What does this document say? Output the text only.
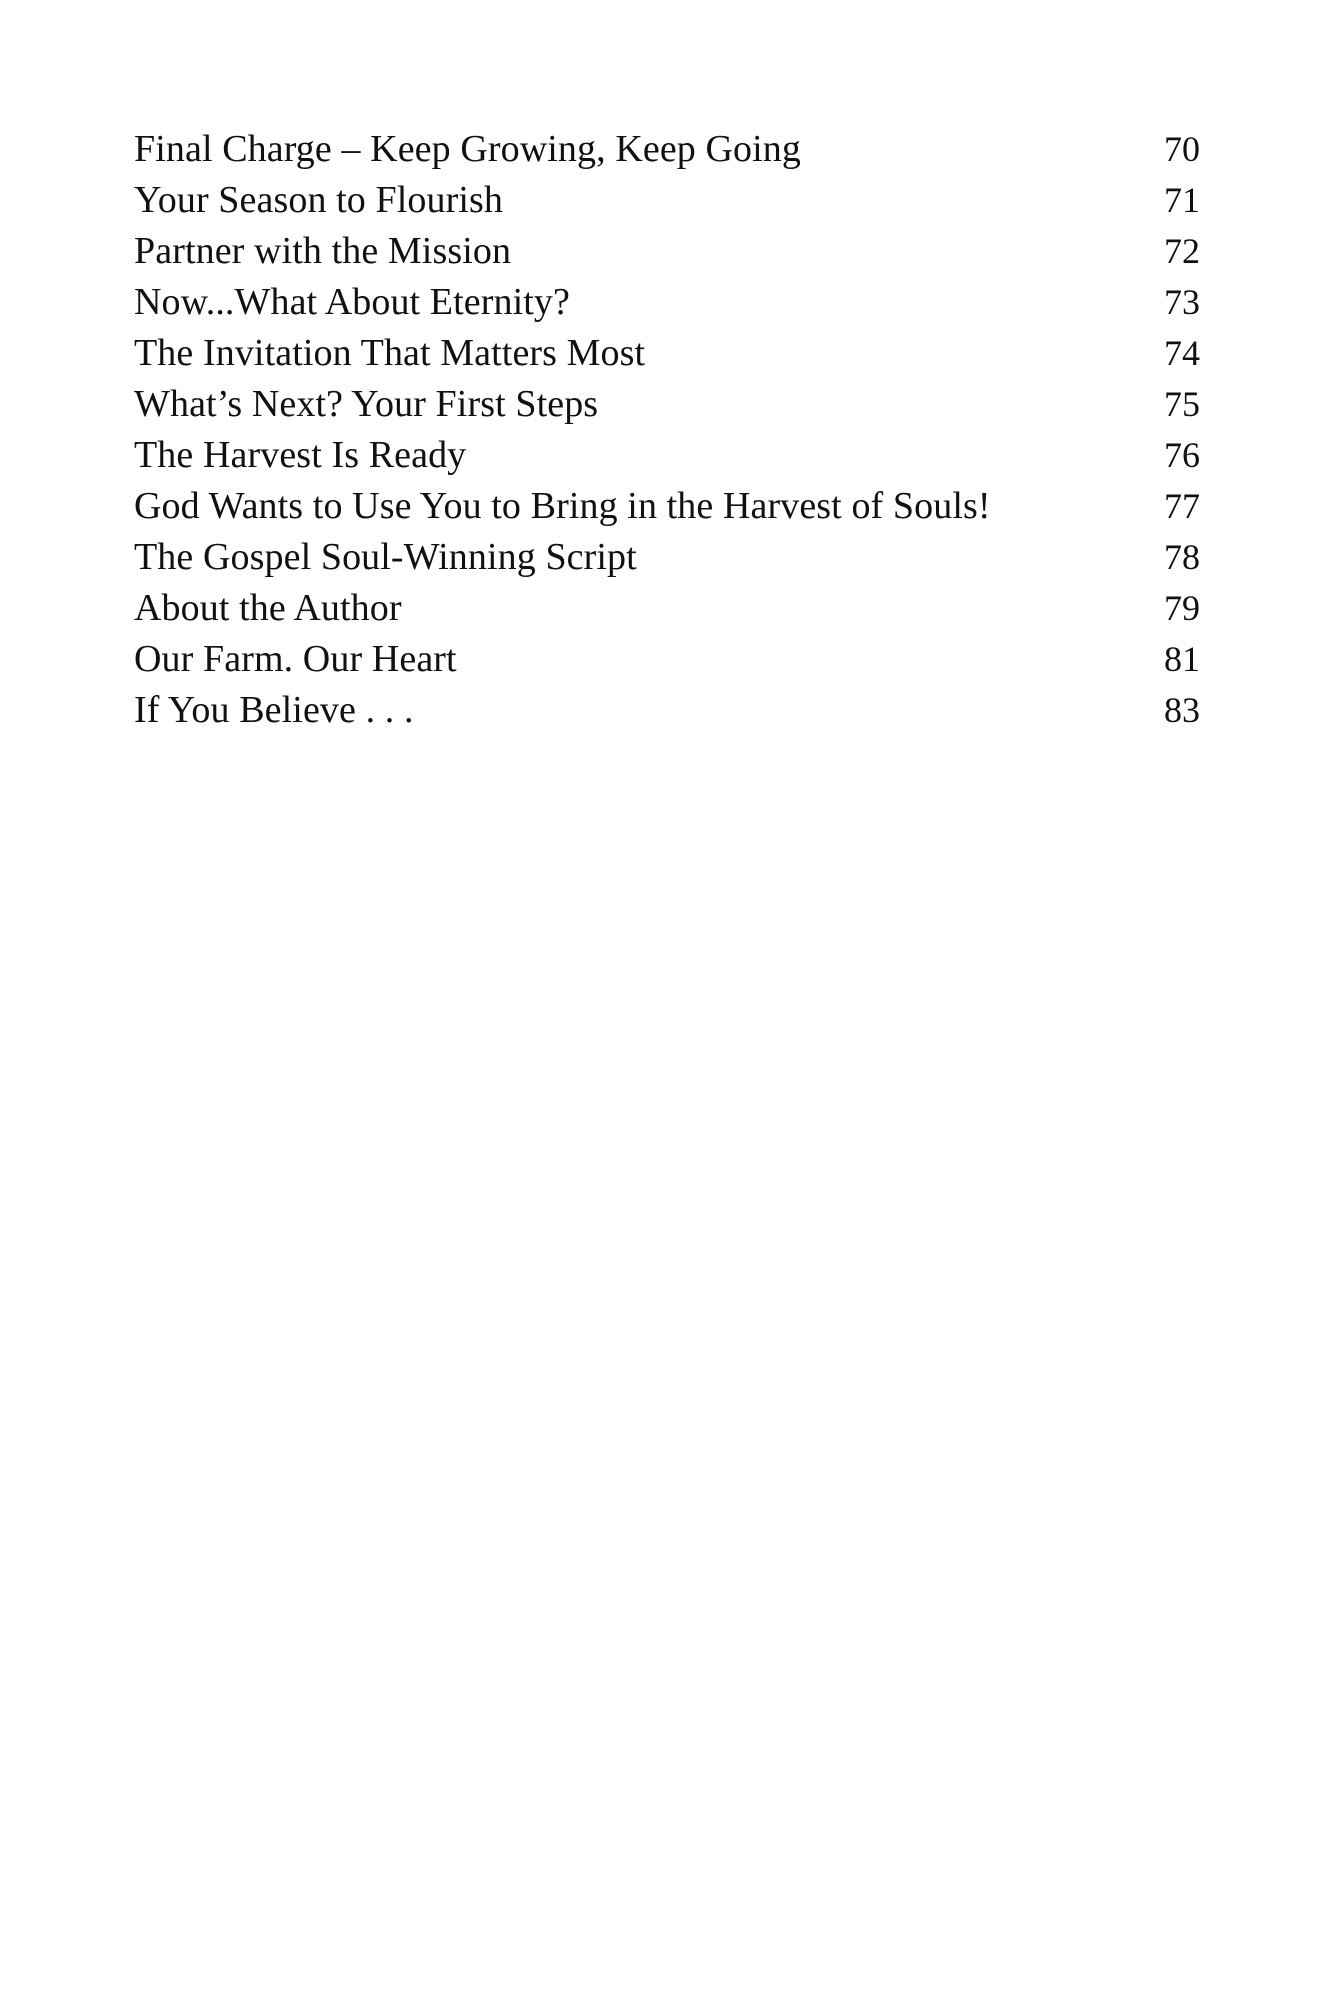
Final Charge – Keep Growing, Keep Going	70
Your Season to Flourish	71
Partner with the Mission	72
Now...What About Eternity?	73
The Invitation That Matters Most	74
What’s Next? Your First Steps	75
The Harvest Is Ready	76
God Wants to Use You to Bring in the Harvest of Souls!	77
The Gospel Soul-Winning Script	78
About the Author	79
Our Farm. Our Heart	81
If You Believe . . .	83
